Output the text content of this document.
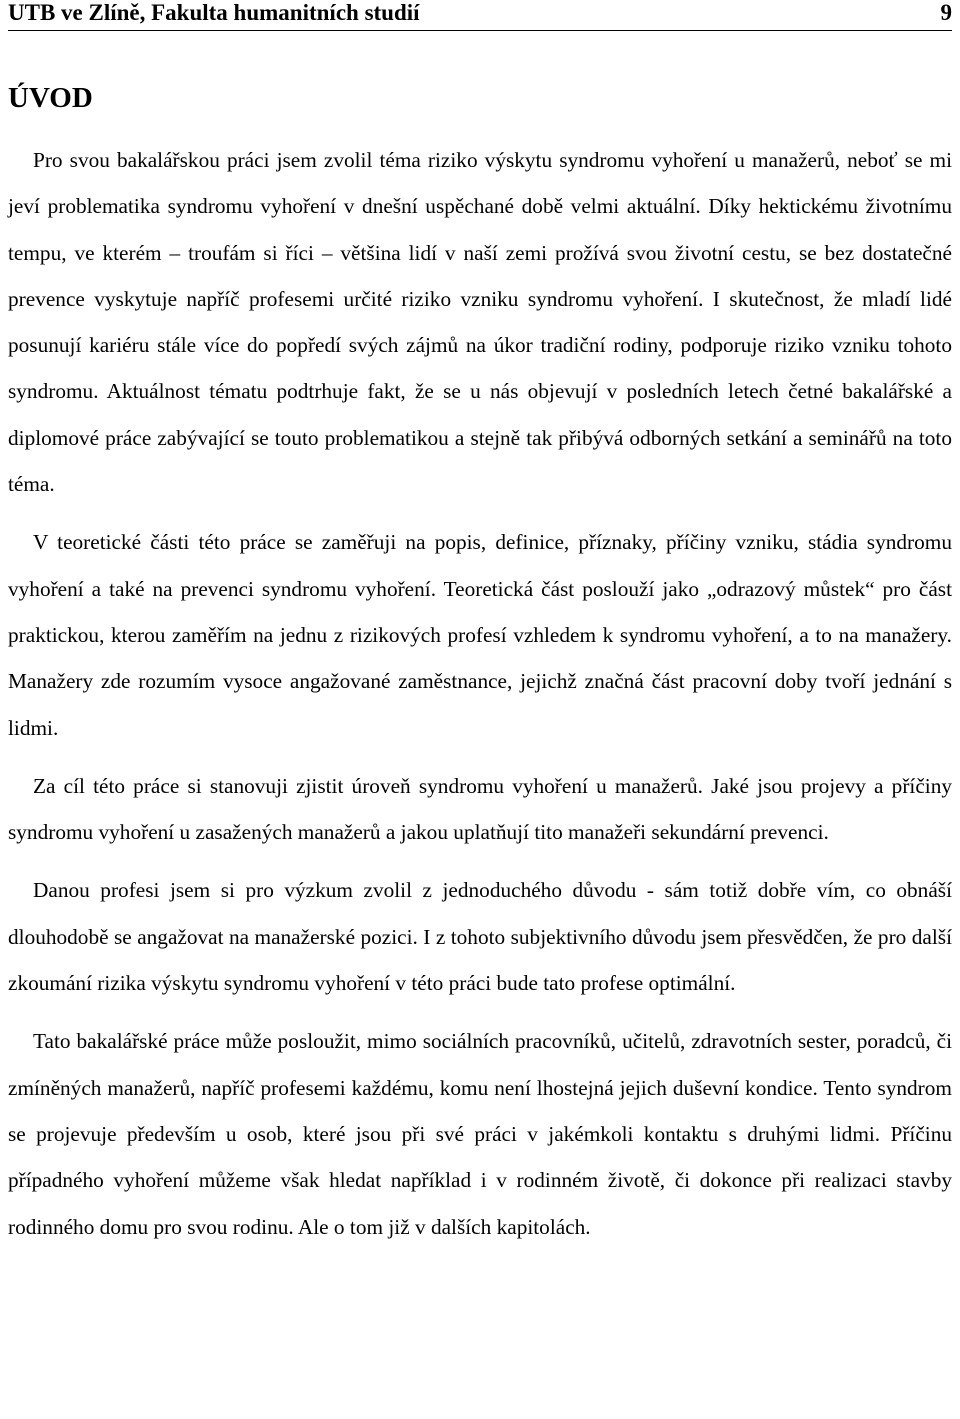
UTB ve Zlíně, Fakulta humanitních studií	9
ÚVOD

Pro svou bakalářskou práci jsem zvolil téma riziko výskytu syndromu vyhoření u manažerů, neboť se mi jeví problematika syndromu vyhoření v dnešní uspěchané době velmi aktuální. Díky hektickému životnímu tempu, ve kterém – troufám si říci – většina lidí v naší zemi prožívá svou životní cestu, se bez dostatečné prevence vyskytuje napříč profesemi určité riziko vzniku syndromu vyhoření. I skutečnost, že mladí lidé posunují kariéru stále více do popředí svých zájmů na úkor tradiční rodiny, podporuje riziko vzniku tohoto syndromu. Aktuálnost tématu podtrhuje fakt, že se u nás objevují v posledních letech četné bakalářské a diplomové práce zabývající se touto problematikou a stejně tak přibývá odborných setkání a seminářů na toto téma.

V teoretické části této práce se zaměřuji na popis, definice, příznaky, příčiny vzniku, stádia syndromu vyhoření a také na prevenci syndromu vyhoření. Teoretická část poslouží jako „odrazový můstek“ pro část praktickou, kterou zaměřím na jednu z rizikových profesí vzhledem k syndromu vyhoření, a to na manažery. Manažery zde rozumím vysoce angažované zaměstnance, jejichž značná část pracovní doby tvoří jednání s lidmi.

Za cíl této práce si stanovuji zjistit úroveň syndromu vyhoření u manažerů. Jaké jsou projevy a příčiny syndromu vyhoření u zasažených manažerů a jakou uplatňují tito manažeři sekundární prevenci.

Danou profesi jsem si pro výzkum zvolil z jednoduchého důvodu - sám totiž dobře vím, co obnáší dlouhodobě se angažovat na manažerské pozici. I z tohoto subjektivního důvodu jsem přesvědčen, že pro další zkoumání rizika výskytu syndromu vyhoření v této práci bude tato profese optimální.

Tato bakalářské práce může posloužit, mimo sociálních pracovníků, učitelů, zdravotních sester, poradců, či zmíněných manažerů, napříč profesemi každému, komu není lhostejná jejich duševní kondice. Tento syndrom se projevuje především u osob, které jsou při své práci v jakémkoli kontaktu s druhými lidmi. Příčinu případného vyhoření můžeme však hledat například i v rodinném životě, či dokonce při realizaci stavby rodinného domu pro svou rodinu. Ale o tom již v dalších kapitolách.
